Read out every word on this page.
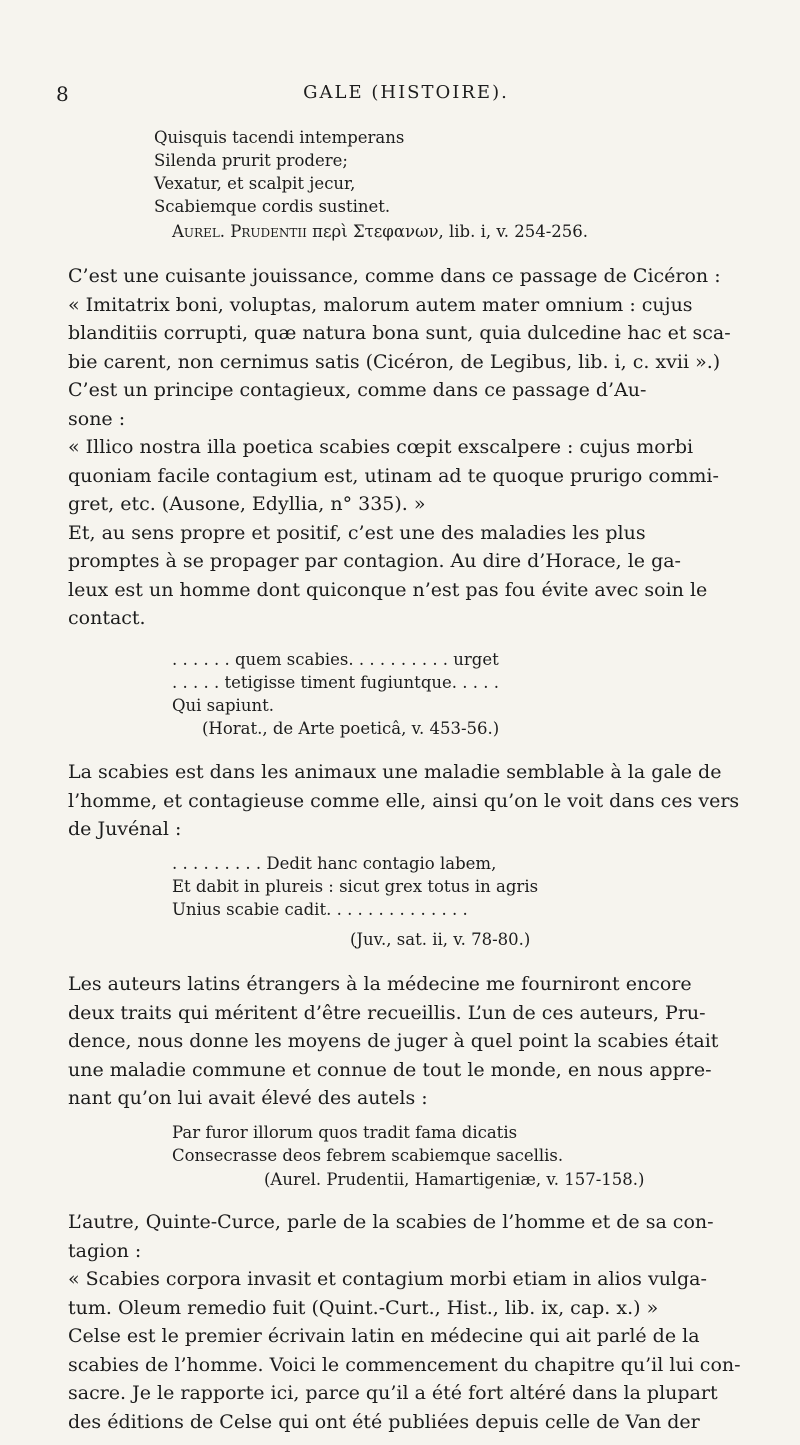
8	GALE (HISTOIRE).
Quisquis tacendi intemperans
Silenda prurit prodere;
Vexatur, et scalpit jecur,
Scabiemque cordis sustinet.
Aurel. Prudentii περὶ Στεφανων, lib. i, v. 254-256.
C’est une cuisante jouissance, comme dans ce passage de Cicéron :
« Imitatrix boni, voluptas, malorum autem mater omnium : cujus
blanditiis corrupti, quæ natura bona sunt, quia dulcedine hac et sca-
bie carent, non cernimus satis (Cicéron, de Legibus, lib. i, c. xvii ».)
C’est un principe contagieux, comme dans ce passage d’Au-
sone :
« Illico nostra illa poetica scabies cœpit exscalpere : cujus morbi
quoniam facile contagium est, utinam ad te quoque prurigo commi-
gret, etc. (Ausone, Edyllia, n° 335). »
Et, au sens propre et positif, c’est une des maladies les plus
promptes à se propager par contagion. Au dire d’Horace, le ga-
leux est un homme dont quiconque n’est pas fou évite avec soin le
contact.
. . . . . . quem scabies. . . . . . . . . . urget
. . . . . tetigisse timent fugiuntque. . . . .
Qui sapiunt.
(Horat., de Arte poeticâ, v. 453-56.)
La scabies est dans les animaux une maladie semblable à la gale de
l’homme, et contagieuse comme elle, ainsi qu’on le voit dans ces vers
de Juvénal :
. . . . . . . . . Dedit hanc contagio labem,
Et dabit in plureis : sicut grex totus in agris
Unius scabie cadit. . . . . . . . . . . . . .
(Juv., sat. ii, v. 78-80.)
Les auteurs latins étrangers à la médecine me fourniront encore
deux traits qui méritent d’être recueillis. L’un de ces auteurs, Pru-
dence, nous donne les moyens de juger à quel point la scabies était
une maladie commune et connue de tout le monde, en nous appre-
nant qu’on lui avait élevé des autels :
Par furor illorum quos tradit fama dicatis
Consecrasse deos febrem scabiemque sacellis.
(Aurel. Prudentii, Hamartigeniæ, v. 157-158.)
L’autre, Quinte-Curce, parle de la scabies de l’homme et de sa con-
tagion :
« Scabies corpora invasit et contagium morbi etiam in alios vulga-
tum. Oleum remedio fuit (Quint.-Curt., Hist., lib. ix, cap. x.) »
Celse est le premier écrivain latin en médecine qui ait parlé de la
scabies de l’homme. Voici le commencement du chapitre qu’il lui con-
sacre. Je le rapporte ici, parce qu’il a été fort altéré dans la plupart
des éditions de Celse qui ont été publiées depuis celle de Van der
